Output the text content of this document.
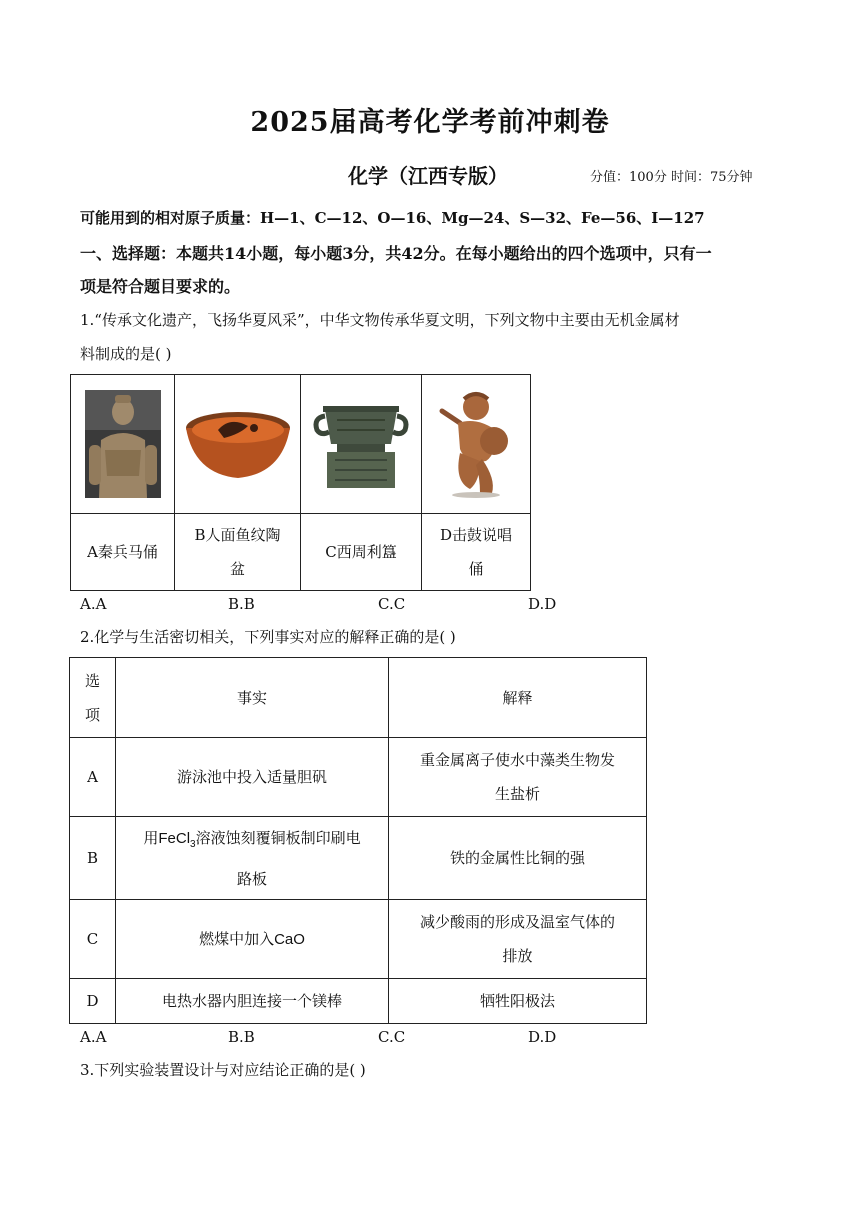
2025届高考化学考前冲刺卷
化学（江西专版）	分值：100分 时间：75分钟
可能用到的相对原子质量：H—1、C—12、O—16、Mg—24、S—32、Fe—56、I—127
一、选择题：本题共14小题，每小题3分，共42分。在每小题给出的四个选项中，只有一
项是符合题目要求的。
1.“传承文化遗产，飞扬华夏风采”，中华文物传承华夏文明，下列文物中主要由无机金属材
料制成的是( )

A秦兵马俑	B人面鱼纹陶
盆	C西周利簋	D击鼓说唱
俑
A.A	B.B	C.C	D.D
2.化学与生活密切相关，下列事实对应的解释正确的是( )
选
项	事实	解释
A	游泳池中投入适量胆矾	重金属离子使水中藻类生物发
生盐析
B	用FeCl$_3$溶液蚀刻覆铜板制印刷电
路板	铁的金属性比铜的强
C	燃煤中加入CaO	减少酸雨的形成及温室气体的
排放
D	电热水器内胆连接一个镁棒	牺牲阳极法
A.A	B.B	C.C	D.D
3.下列实验装置设计与对应结论正确的是( )
